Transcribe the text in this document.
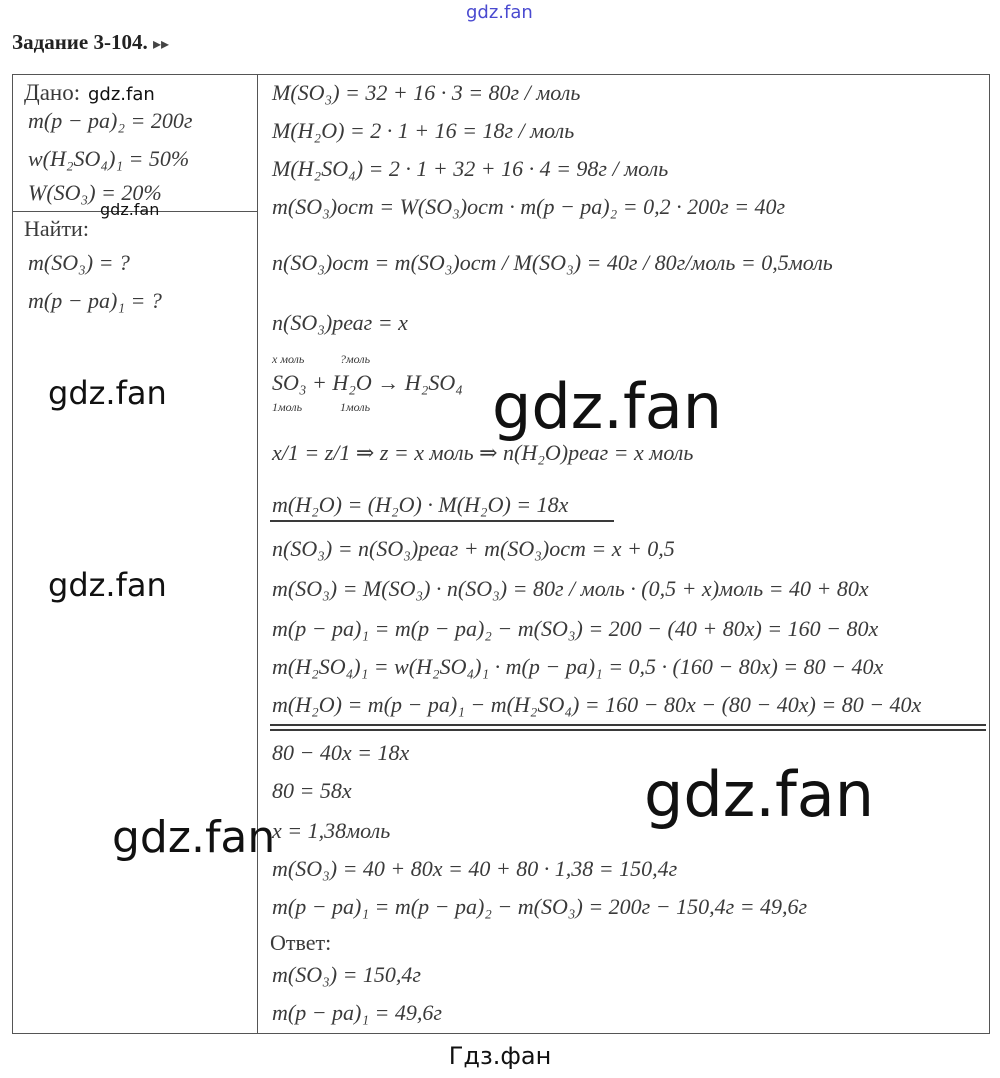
gdz.fan
Задание 3-104. ▸▸
Дано: gdz.fan
m(p − pa)₂ = 200г
w(H₂SO₄)₁ = 50%
W(SO₃) = 20%
gdz.fan
Найти:
m(SO₃) = ?
m(p − pa)₁ = ?
gdz.fan
gdz.fan
gdz.fan
M(SO₃) = 32 + 16 · 3 = 80г / моль
M(H₂O) = 2 · 1 + 16 = 18г / моль
M(H₂SO₄) = 2 · 1 + 32 + 16 · 4 = 98г / моль
m(SO₃)ост = W(SO₃)ост · m(p − pa)₂ = 0,2 · 200г = 40г
n(SO₃)ост = m(SO₃)ост / M(SO₃) = 40г / 80г/моль = 0,5моль
n(SO₃)реаг = x
x моль	?моль
SO₃ + H₂O → H₂SO₄
1моль	1моль
x/1 = z/1 ⇒ z = x моль ⇒ n(H₂O)реаг = x моль
m(H₂O) = (H₂O) · M(H₂O) = 18x
n(SO₃) = n(SO₃)реаг + m(SO₃)ост = x + 0,5
m(SO₃) = M(SO₃) · n(SO₃) = 80г / моль · (0,5 + x)моль = 40 + 80x
m(p − pa)₁ = m(p − pa)₂ − m(SO₃) = 200 − (40 + 80x) = 160 − 80x
m(H₂SO₄)₁ = w(H₂SO₄)₁ · m(p − pa)₁ = 0,5 · (160 − 80x) = 80 − 40x
m(H₂O) = m(p − pa)₁ − m(H₂SO₄) = 160 − 80x − (80 − 40x) = 80 − 40x
80 − 40x = 18x
80 = 58x
x = 1,38моль
m(SO₃) = 40 + 80x = 40 + 80 · 1,38 = 150,4г
m(p − pa)₁ = m(p − pa)₂ − m(SO₃) = 200г − 150,4г = 49,6г
Ответ:
m(SO₃) = 150,4г
m(p − pa)₁ = 49,6г
gdz.fan
gdz.fan
Гдз.фан
